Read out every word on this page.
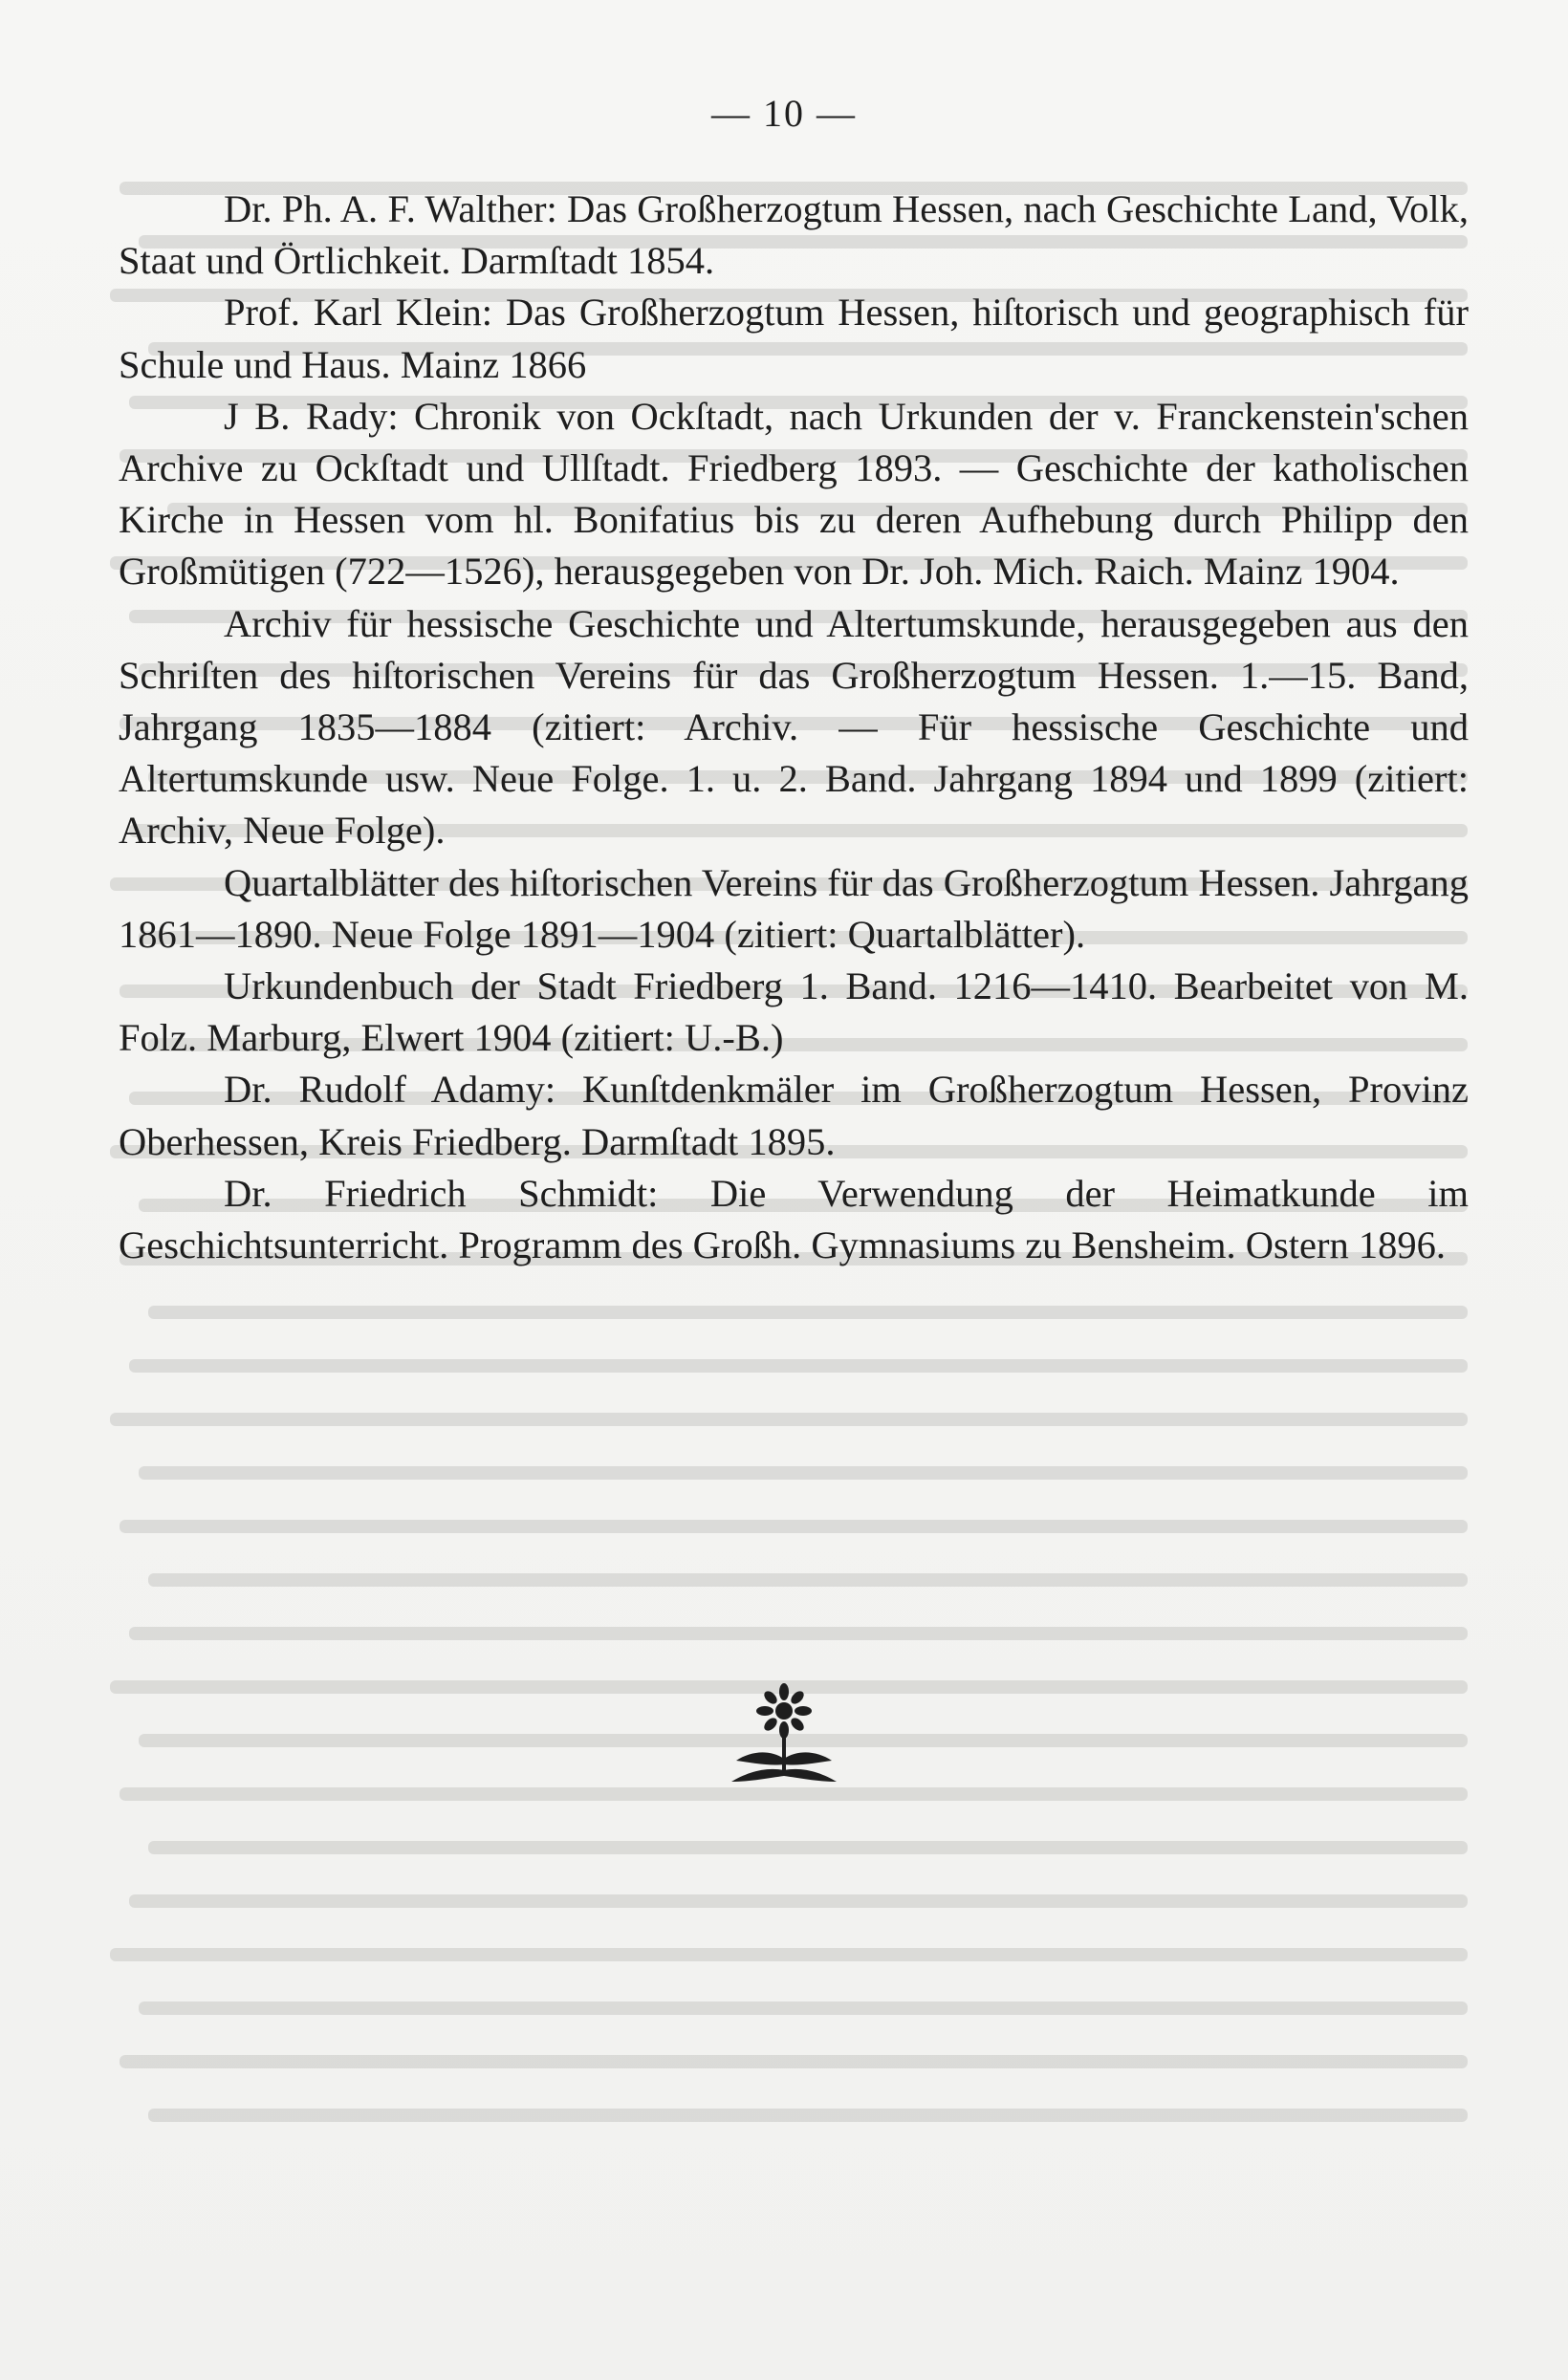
— 10 —

Dr. Ph. A. F. Walther: Das Großherzogtum Hessen, nach Geschichte Land, Volk, Staat und Örtlichkeit. Darmſtadt 1854.

Prof. Karl Klein: Das Großherzogtum Hessen, hiſtorisch und geographisch für Schule und Haus. Mainz 1866

J B. Rady: Chronik von Ockſtadt, nach Urkunden der v. Franckenstein'schen Archive zu Ockſtadt und Ullſtadt. Friedberg 1893. — Geschichte der katholischen Kirche in Hessen vom hl. Bonifatius bis zu deren Aufhebung durch Philipp den Großmütigen (722—1526), herausgegeben von Dr. Joh. Mich. Raich. Mainz 1904.

Archiv für hessische Geschichte und Altertumskunde, herausgegeben aus den Schriſten des hiſtorischen Vereins für das Großherzogtum Hessen. 1.—15. Band, Jahrgang 1835—1884 (zitiert: Archiv. — Für hessische Geschichte und Altertumskunde usw. Neue Folge. 1. u. 2. Band. Jahrgang 1894 und 1899 (zitiert: Archiv, Neue Folge).

Quartalblätter des hiſtorischen Vereins für das Großherzogtum Hessen. Jahrgang 1861—1890. Neue Folge 1891—1904 (zitiert: Quartalblätter).

Urkundenbuch der Stadt Friedberg 1. Band. 1216—1410. Bearbeitet von M. Folz. Marburg, Elwert 1904 (zitiert: U.-B.)

Dr. Rudolf Adamy: Kunſtdenkmäler im Großherzogtum Hessen, Provinz Oberhessen, Kreis Friedberg. Darmſtadt 1895.

Dr. Friedrich Schmidt: Die Verwendung der Heimatkunde im Geschichtsunterricht. Programm des Großh. Gymnasiums zu Bensheim. Ostern 1896.
